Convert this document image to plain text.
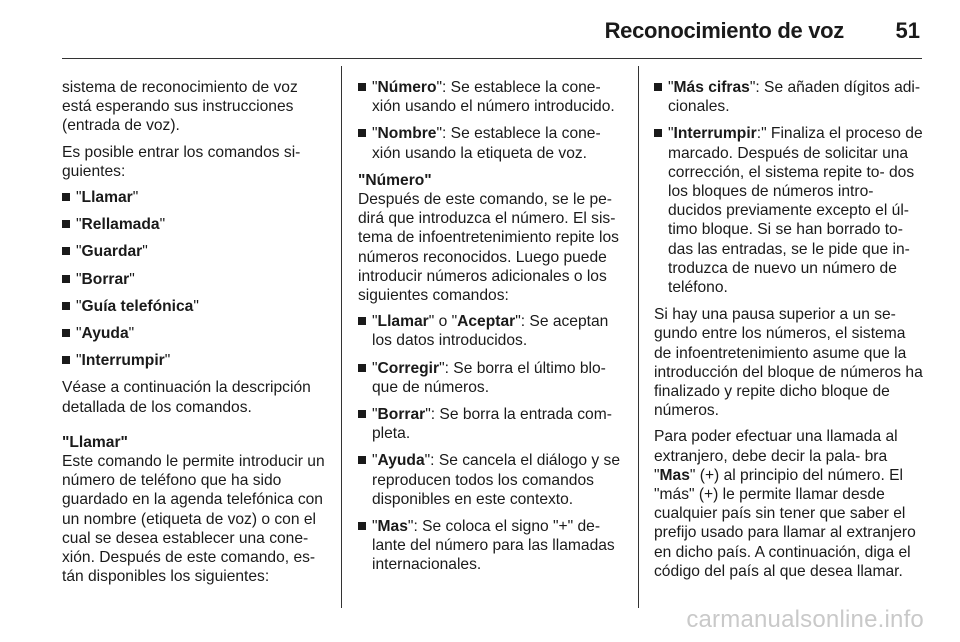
Reconocimiento de voz 51

sistema de reconocimiento de voz está esperando sus instrucciones (entrada de voz).

Es posible entrar los comandos si- guientes:

"Llamar"
"Rellamada"
"Guardar"
"Borrar"
"Guía telefónica"
"Ayuda"
"Interrumpir"

Véase a continuación la descripción detallada de los comandos.

"Llamar"

Este comando le permite introducir un número de teléfono que ha sido guardado en la agenda telefónica con un nombre (etiqueta de voz) o con el cual se desea establecer una cone- xión. Después de este comando, es- tán disponibles los siguientes:

"Número": Se establece la cone- xión usando el número introducido.
"Nombre": Se establece la cone- xión usando la etiqueta de voz.

"Número"

Después de este comando, se le pe- dirá que introduzca el número. El sis- tema de infoentretenimiento repite los números reconocidos. Luego puede introducir números adicionales o los siguientes comandos:

"Llamar" o "Aceptar": Se aceptan los datos introducidos.
"Corregir": Se borra el último blo- que de números.
"Borrar": Se borra la entrada com- pleta.
"Ayuda": Se cancela el diálogo y se reproducen todos los comandos disponibles en este contexto.
"Mas": Se coloca el signo "+" de- lante del número para las llamadas internacionales.
"Más cifras": Se añaden dígitos adi- cionales.
"Interrumpir:" Finaliza el proceso de marcado. Después de solicitar una corrección, el sistema repite to- dos los bloques de números intro- ducidos previamente excepto el úl- timo bloque. Si se han borrado to- das las entradas, se le pide que in- troduzca de nuevo un número de teléfono.

Si hay una pausa superior a un se- gundo entre los números, el sistema de infoentretenimiento asume que la introducción del bloque de números ha finalizado y repite dicho bloque de números.

Para poder efectuar una llamada al extranjero, debe decir la pala- bra "Mas" (+) al principio del número. El "más" (+) le permite llamar desde cualquier país sin tener que saber el prefijo usado para llamar al extranjero en dicho país. A continuación, diga el código del país al que desea llamar.

carmanualsonline.info
